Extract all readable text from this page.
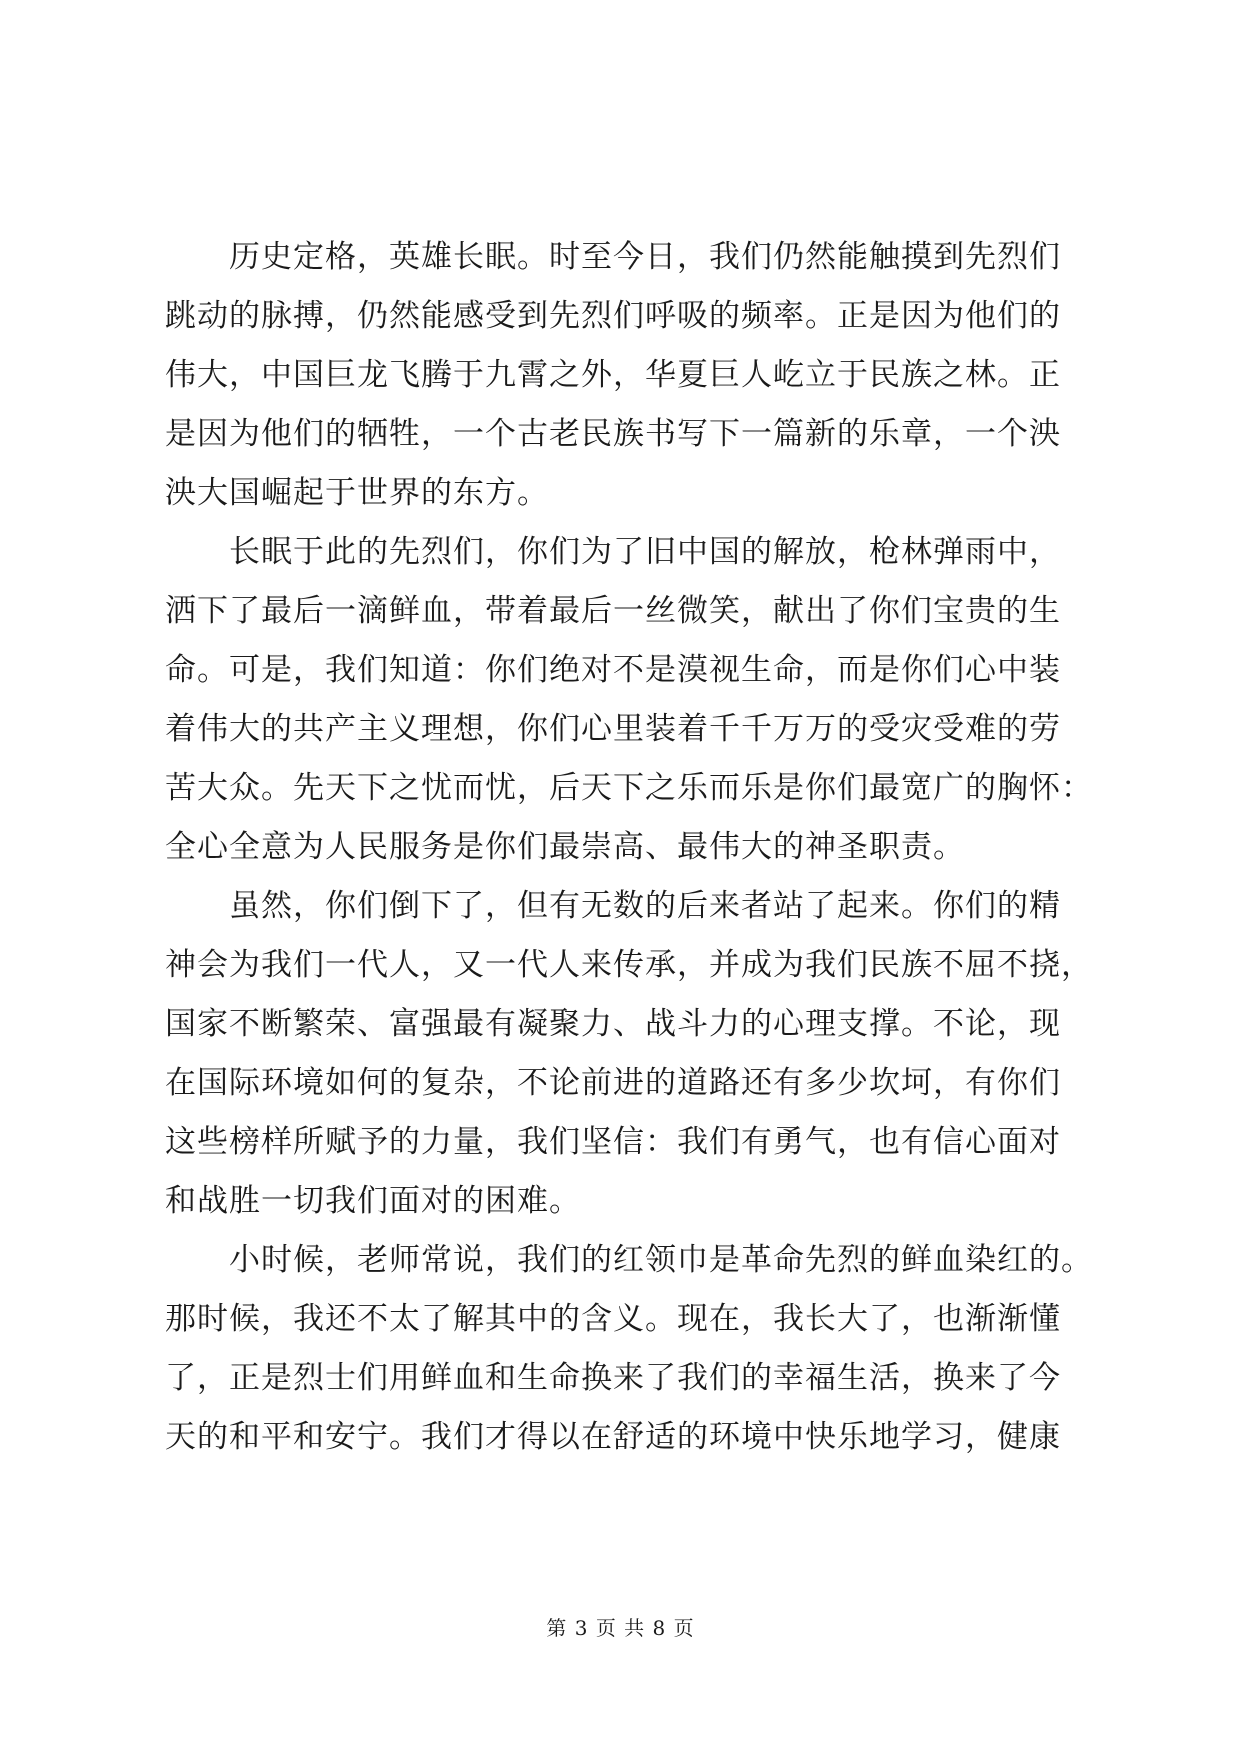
　　历史定格，英雄长眠。时至今日，我们仍然能触摸到先烈们
跳动的脉搏，仍然能感受到先烈们呼吸的频率。正是因为他们的
伟大，中国巨龙飞腾于九霄之外，华夏巨人屹立于民族之林。正
是因为他们的牺牲，一个古老民族书写下一篇新的乐章，一个泱
泱大国崛起于世界的东方。
　　长眠于此的先烈们，你们为了旧中国的解放，枪林弹雨中，
洒下了最后一滴鲜血，带着最后一丝微笑，献出了你们宝贵的生
命。可是，我们知道：你们绝对不是漠视生命，而是你们心中装
着伟大的共产主义理想，你们心里装着千千万万的受灾受难的劳
苦大众。先天下之忧而忧，后天下之乐而乐是你们最宽广的胸怀：
全心全意为人民服务是你们最崇高、最伟大的神圣职责。
　　虽然，你们倒下了，但有无数的后来者站了起来。你们的精
神会为我们一代人，又一代人来传承，并成为我们民族不屈不挠，
国家不断繁荣、富强最有凝聚力、战斗力的心理支撑。不论，现
在国际环境如何的复杂，不论前进的道路还有多少坎坷，有你们
这些榜样所赋予的力量，我们坚信：我们有勇气，也有信心面对
和战胜一切我们面对的困难。
　　小时候，老师常说，我们的红领巾是革命先烈的鲜血染红的。
那时候，我还不太了解其中的含义。现在，我长大了，也渐渐懂
了，正是烈士们用鲜血和生命换来了我们的幸福生活，换来了今
天的和平和安宁。我们才得以在舒适的环境中快乐地学习，健康
第 3 页 共 8 页
